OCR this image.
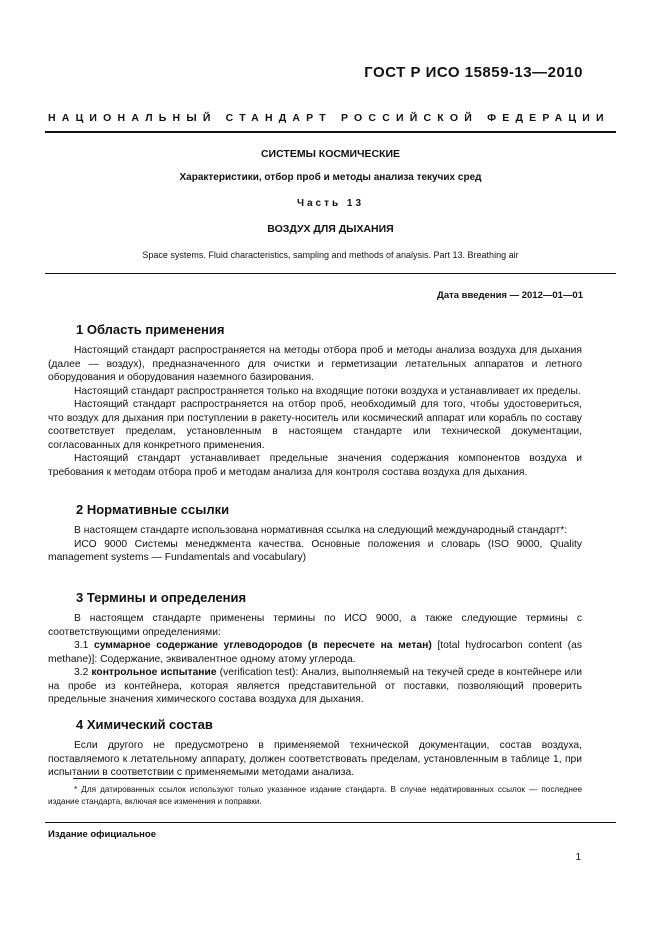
ГОСТ Р ИСО 15859-13—2010
НАЦИОНАЛЬНЫЙ СТАНДАРТ РОССИЙСКОЙ ФЕДЕРАЦИИ
СИСТЕМЫ КОСМИЧЕСКИЕ
Характеристики, отбор проб и методы анализа текучих сред
Часть 13
ВОЗДУХ ДЛЯ ДЫХАНИЯ
Space systems. Fluid characteristics, sampling and methods of analysis. Part 13. Breathing air
Дата введения — 2012—01—01
1 Область применения
Настоящий стандарт распространяется на методы отбора проб и методы анализа воздуха для дыхания (далее — воздух), предназначенного для очистки и герметизации летательных аппаратов и летного оборудования и оборудования наземного базирования.
Настоящий стандарт распространяется только на входящие потоки воздуха и устанавливает их пределы.
Настоящий стандарт распространяется на отбор проб, необходимый для того, чтобы удостовериться, что воздух для дыхания при поступлении в ракету-носитель или космический аппарат или корабль по составу соответствует пределам, установленным в настоящем стандарте или технической документации, согласованных для конкретного применения.
Настоящий стандарт устанавливает предельные значения содержания компонентов воздуха и требования к методам отбора проб и методам анализа для контроля состава воздуха для дыхания.
2 Нормативные ссылки
В настоящем стандарте использована нормативная ссылка на следующий международный стандарт*:
ИСО 9000 Системы менеджмента качества. Основные положения и словарь (ISO 9000, Quality management systems — Fundamentals and vocabulary)
3 Термины и определения
В настоящем стандарте применены термины по ИСО 9000, а также следующие термины с соответствующими определениями:
3.1 суммарное содержание углеводородов (в пересчете на метан) [total hydrocarbon content (as methane)]: Содержание, эквивалентное одному атому углерода.
3.2 контрольное испытание (verification test): Анализ, выполняемый на текучей среде в контейнере или на пробе из контейнера, которая является представительной от поставки, позволяющий проверить предельные значения химического состава воздуха для дыхания.
4 Химический состав
Если другого не предусмотрено в применяемой технической документации, состав воздуха, поставляемого к летательному аппарату, должен соответствовать пределам, установленным в таблице 1, при испытании в соответствии с применяемыми методами анализа.
* Для датированных ссылок используют только указанное издание стандарта. В случае недатированных ссылок — последнее издание стандарта, включая все изменения и поправки.
Издание официальное
1
